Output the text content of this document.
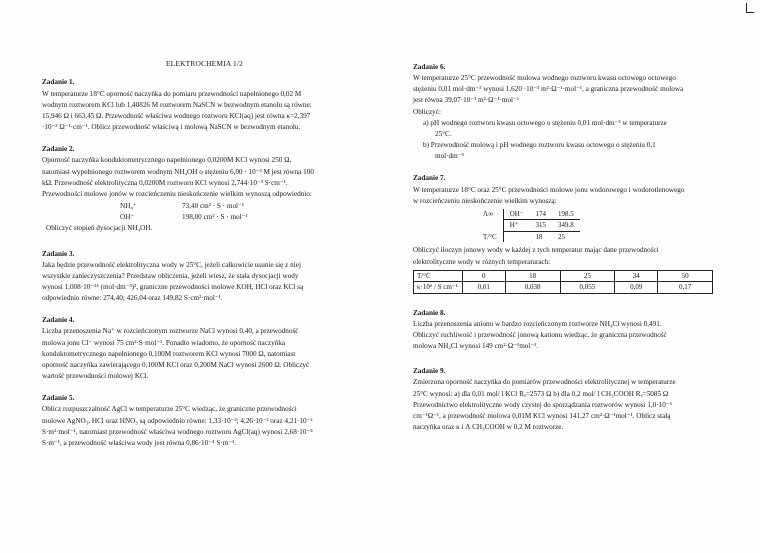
ELEKTROCHEMIA 1/2

Zadanie 1.

W temperaturze 18°C oporność naczyńka do pomiaru przewodności napełnionego 0,02 M

wodnym roztworem KCl lub 1,40826 M roztworem NaSCN w bezwodnym etanolu są równe:

15,946 Ω i 663,45 Ω. Przewodność właściwa wodnego roztworu KCl(aq) jest równa κ=2,397

·10⁻³ Ω⁻¹·cm⁻¹. Oblicz przewodność właściwą i molową NaSCN w bezwodnym etanolu.

Zadanie 2.

Oporność naczyńka konduktometrycznego napełnionego 0,0200M KCl wynosi 250 Ω,

natomiast wypełnionego roztworem wodnym NH₄OH o stężeniu 6,00 · 10⁻³ M jest równa 100

kΩ. Przewodność elektrolityczna 0,0200M roztworu KCl wynosi 2,744·10⁻³ S·cm⁻¹.

Przewodności molowe jonów w rozcieńczeniu nieskończenie wielkim wynoszą odpowiednio:

NH₄⁺	73,40 cm² · S · mol⁻¹
OH⁻	198,00 cm² · S · mol⁻¹

Obliczyć stopień dysocjacji NH₄OH.

Zadanie 3.

Jaka będzie przewodność elektrolityczna wody w 25°C, jeżeli całkowicie usunie się z niej

wszystkie zanieczyszczenia? Przedstaw obliczenia, jeżeli wiesz, że stała dysocjacji wody

wynosi 1,008·10⁻¹⁴ (mol·dm⁻³)², graniczne przewodności molowe KOH, HCl oraz KCl są

odpowiednio równe: 274,40; 426,04 oraz 149,82 S·cm²·mol⁻¹.

Zadanie 4.

Liczba przenoszenia Na⁺ w rozcieńczonym roztworze NaCl wynosi 0,40, a przewodność

molowa jonu Cl⁻ wynosi 75 cm²·S·mol⁻¹. Ponadto wiadomo, że oporność naczyńka

konduktometrycznego napełnionego 0,100M roztworem KCl wynosi 7000 Ω, natomiast

oporność naczyńka zawierającego 0,100M KCl oraz 0,200M NaCl wynosi 2600 Ω. Obliczyć

wartość przewodności molowej KCl.

Zadanie 5.

Oblicz rozpuszczalność AgCl w temperaturze 25°C wiedząc, że graniczne przewodności

molowe AgNO₃, HCl oraz HNO₃ są odpowiednio równe: 1,33·10⁻²; 4,26·10⁻² oraz 4,21·10⁻²

S·m²·mol⁻¹, natomiast przewodność właściwa wodnego roztworu AgCl(aq) wynosi 2,68·10⁻⁴

S·m⁻¹, a przewodność właściwa wody jest równa 0,86·10⁻⁴ S·m⁻¹.

Zadanie 6.

W temperaturze 25°C przewodność molowa wodnego roztworu kwasu octowego octowego

stężeniu 0,01 mol·dm⁻³ wynosi 1,620 ·10⁻³ m²·Ω⁻¹·mol⁻¹, a graniczna przewodność molowa

jest równa 39,07·10⁻³ m²·Ω⁻¹·mol⁻¹

Obliczyć:

a) pH wodnego roztworu kwasu octowego o stężeniu 0,01 mol·dm⁻³ w temperaturze

25°C.

b) Przewodność molową i pH wodnego roztworu kwasu octowego o stężeniu 0,1

mol·dm⁻³

Zadanie 7.

W temperaturze 18°C oraz 25°C przewodności molowe jonu wodorowego i wodorotlenowego

w rozcieńczeniu nieskończenie wielkim wynoszą:

Λ∞	OH⁻	174	198.5
	H⁺	315	349.8
T/°C		18	25

Obliczyć iloczyn jonowy wody w każdej z tych temperatur mając dane przewodności

elektrolityczne wody w różnych temperaturach:

T/°C	0	18	25	34	50
κ·10⁶ / S cm⁻¹	0,01	0,038	0,055	0,09	0,17

Zadanie 8.

Liczba przenoszenia anionu w bardzo rozcieńczonym roztworze NH₄Cl wynosi 0,491.

Obliczyć ruchliwość i przewodność jonową kationu wiedząc, że graniczna przewodność

molowa NH₄Cl wynosi 149 cm²·Ω⁻¹mol⁻¹.

Zadanie 9.

Zmierzona oporność naczyńka do pomiarów przewodności elektrolitycznej w temperaturze

25°C wynosi: a) dla 0,01 mol/ l KCl Rₐ=2573 Ω b) dla 0,2 mol/ l CH₃COOH Rₓ=5085 Ω

Przewodnictwo elektrolityczne wody czystej do sporządzania roztworów wynosi 1,0·10⁻⁶

cm⁻¹Ω⁻¹, a przewodność molowa 0,01M KCl wynosi 141,27 cm²·Ω⁻¹mol⁻¹. Oblicz stałą

naczyńka oraz κ i Λ CH₃COOH w 0,2 M roztworze.
